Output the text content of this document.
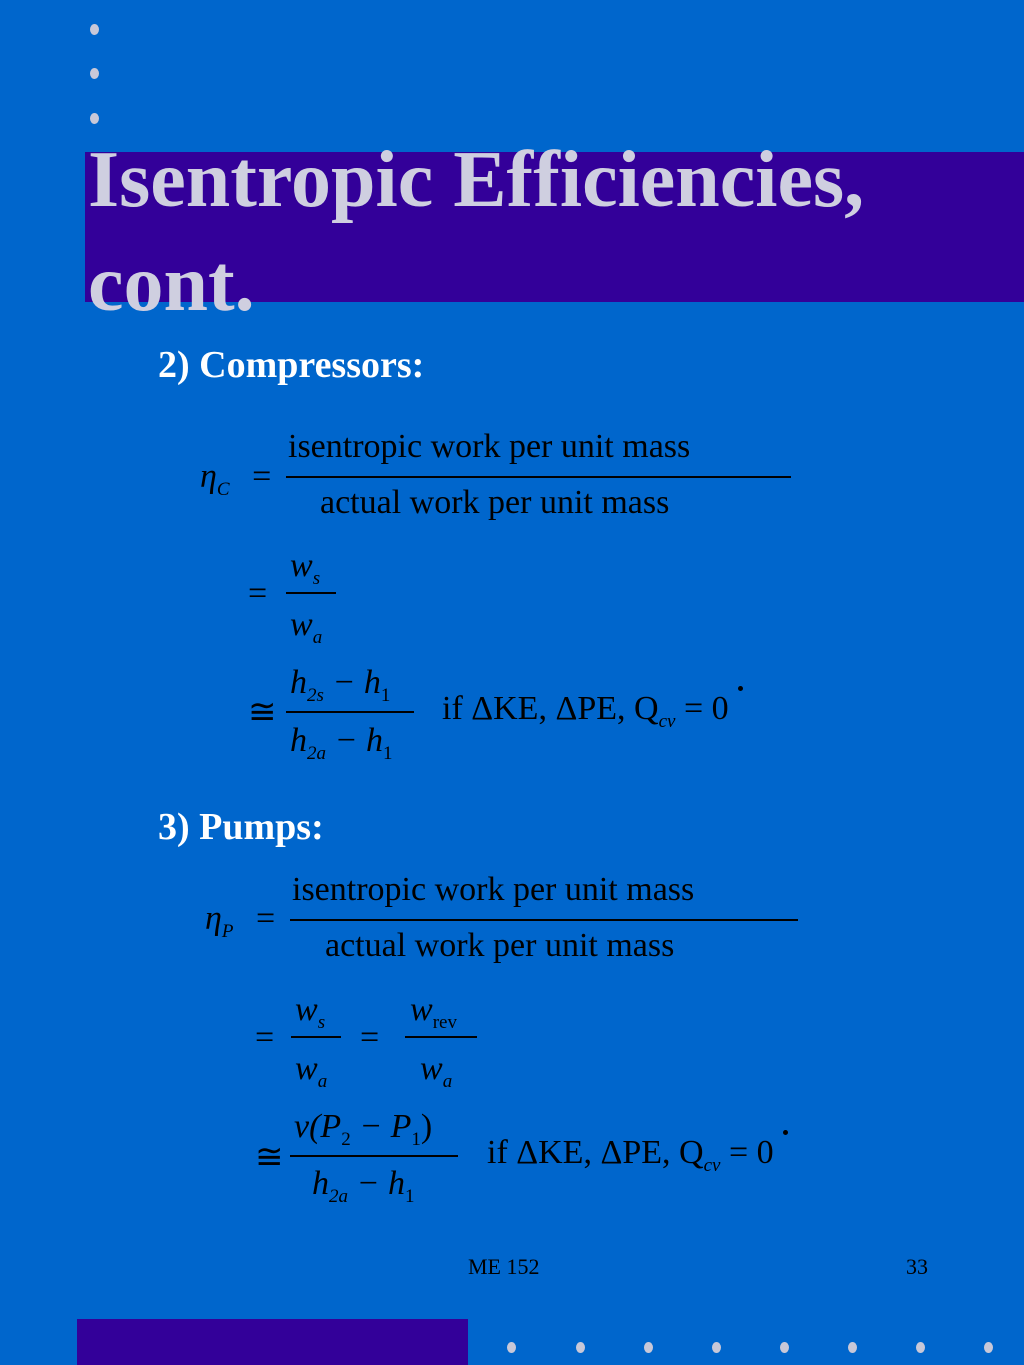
Isentropic Efficiencies, cont.
2) Compressors:
$\eta_C$ =
isentropic work per unit mass
actual work per unit mass
=
$w_s$
$w_a$
≅
$h_{2s} - h_1$
$h_{2a} - h_1$
if ΔKE, ΔPE, $Q_{cv} = 0$
3) Pumps:
$\eta_P$ =
isentropic work per unit mass
actual work per unit mass
=
$w_s$
$w_a$
=
$w_{rev}$
$w_a$
≅
$v(P_2 - P_1)$
$h_{2a} - h_1$
if ΔKE, ΔPE, $Q_{cv} = 0$
ME 152	33
